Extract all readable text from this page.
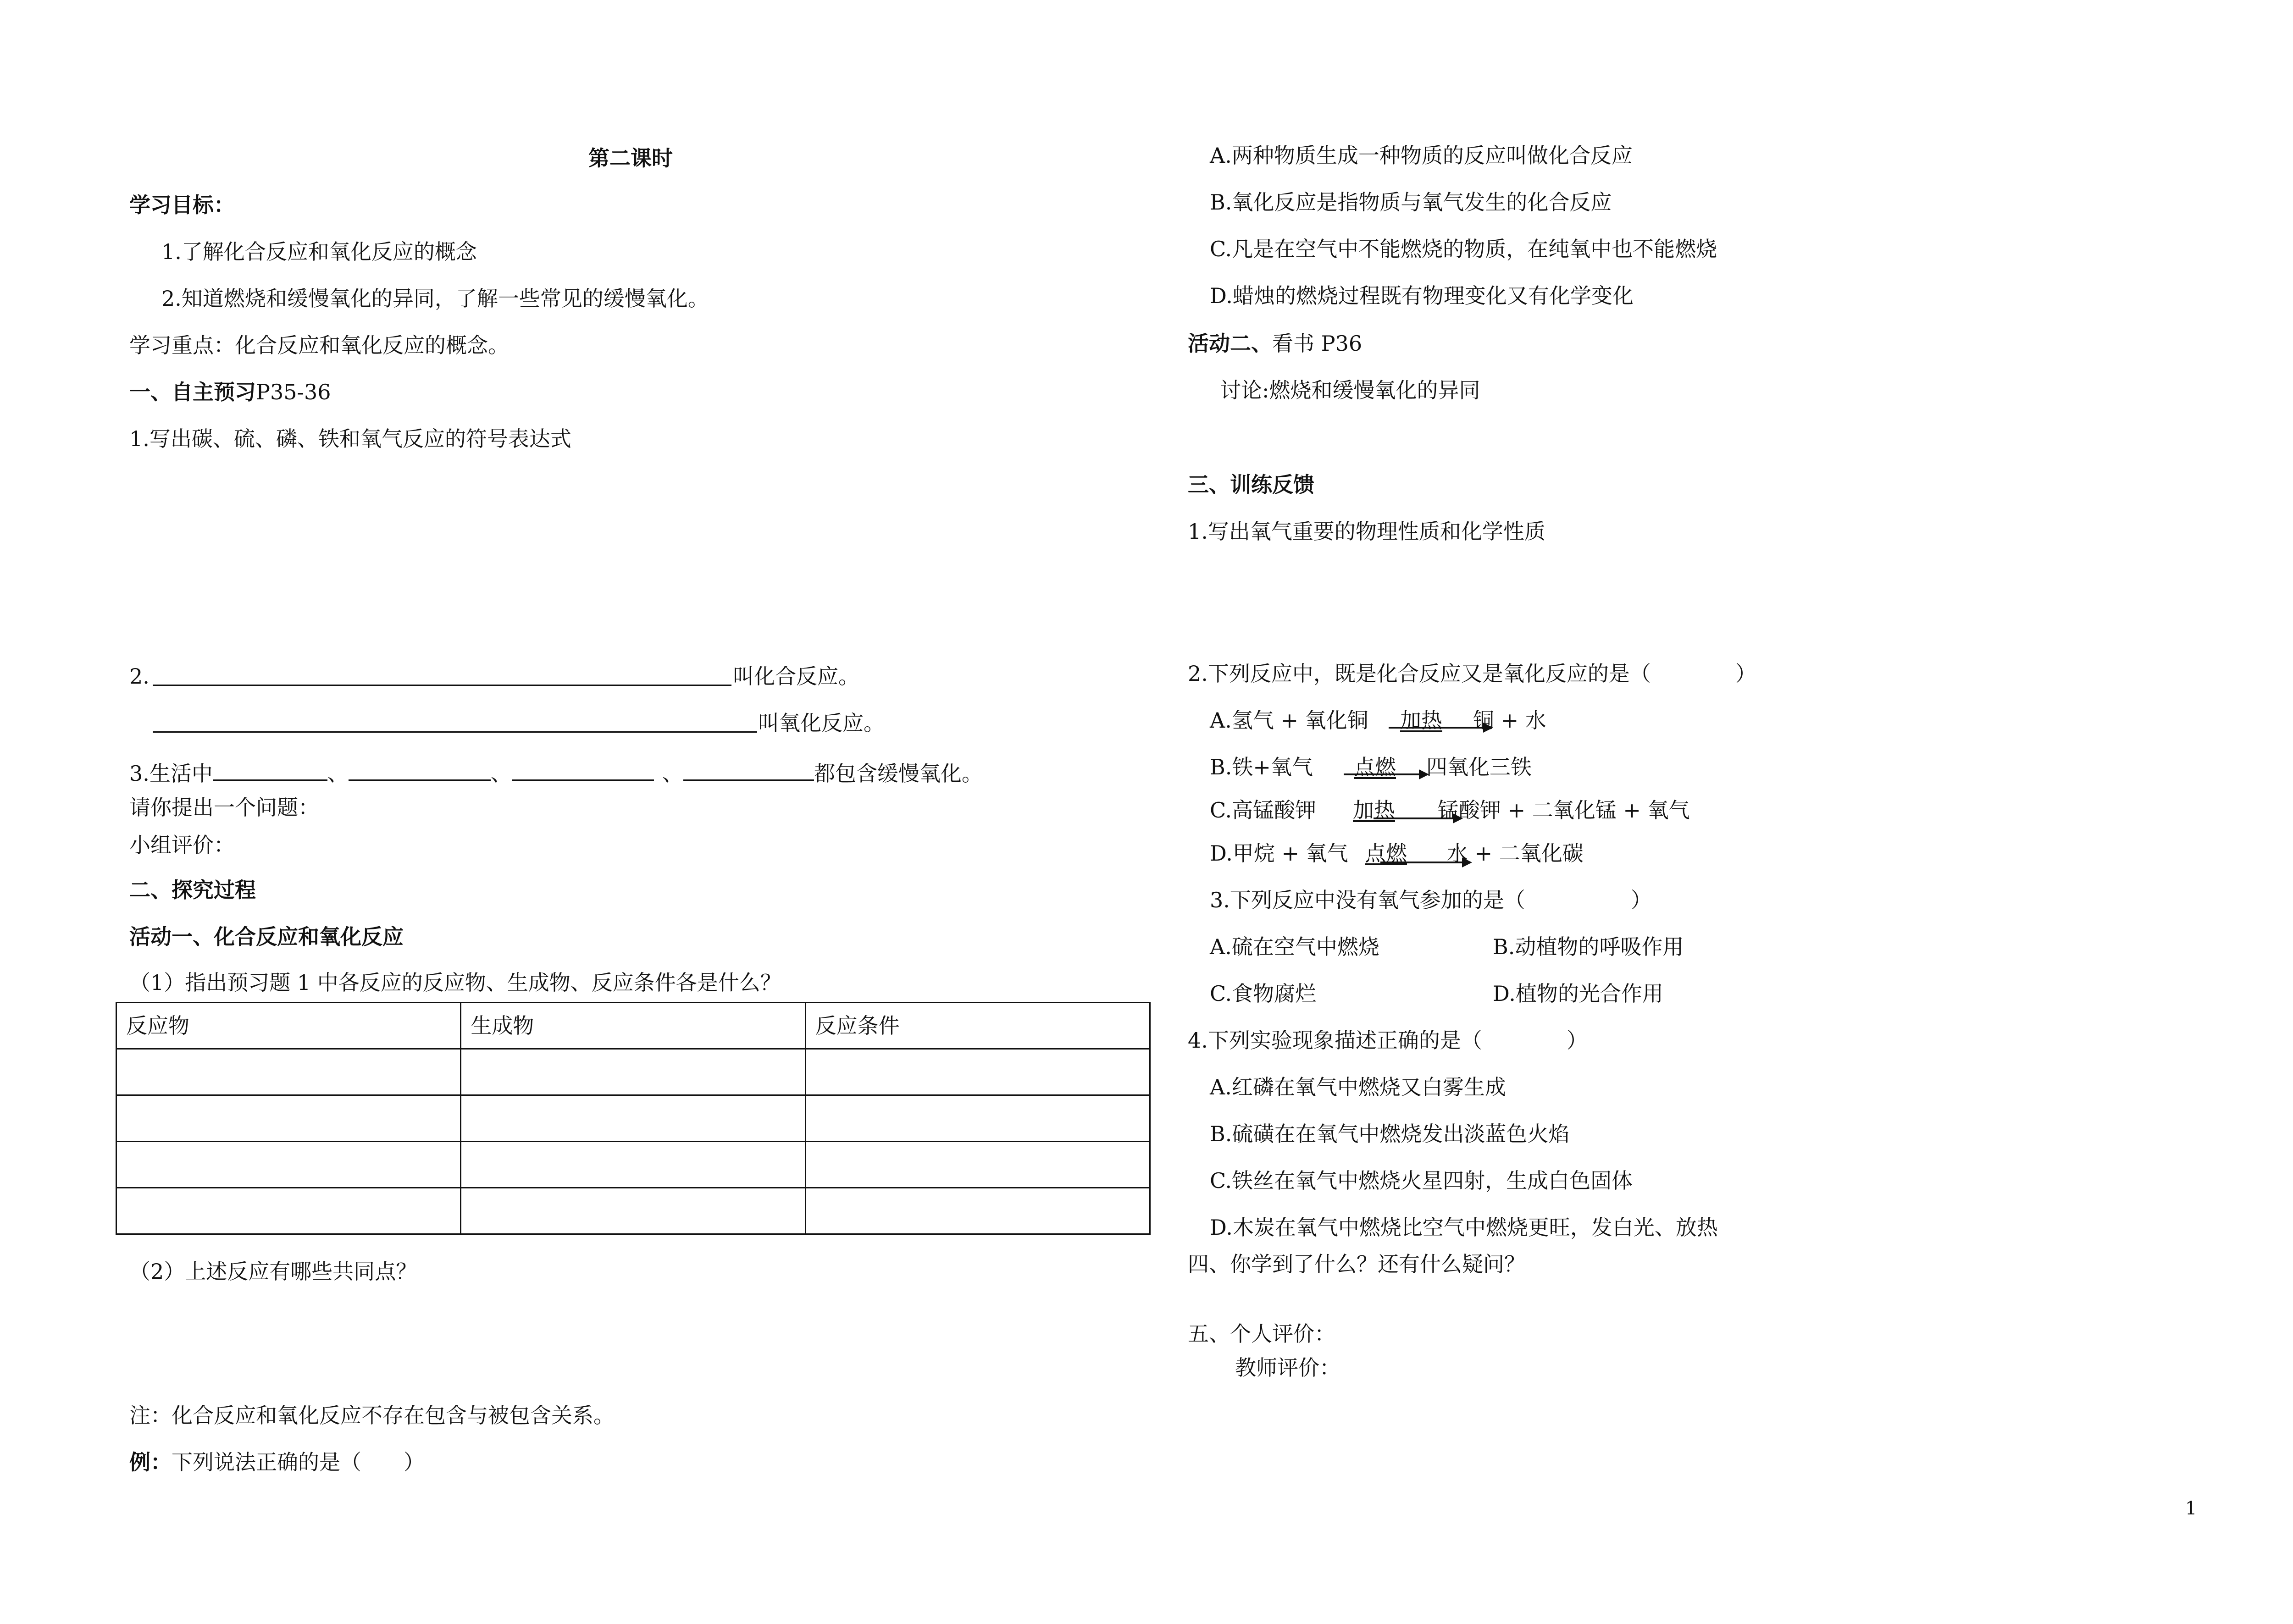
第二课时
学习目标：
1.了解化合反应和氧化反应的概念
2.知道燃烧和缓慢氧化的异同，了解一些常见的缓慢氧化。
学习重点：化合反应和氧化反应的概念。
一、自主预习P35-36
1.写出碳、硫、磷、铁和氧气反应的符号表达式
2.	叫化合反应。
叫氧化反应。
3.生活中	、	、	、	都包含缓慢氧化。
请你提出一个问题：
小组评价：
二、探究过程
活动一、化合反应和氧化反应
（1）指出预习题 1 中各反应的反应物、生成物、反应条件各是什么？
反应物	生成物	反应条件

（2）上述反应有哪些共同点？
注：化合反应和氧化反应不存在包含与被包含关系。
例：下列说法正确的是（　　）
A.两种物质生成一种物质的反应叫做化合反应
B.氧化反应是指物质与氧气发生的化合反应
C.凡是在空气中不能燃烧的物质，在纯氧中也不能燃烧
D.蜡烛的燃烧过程既有物理变化又有化学变化
活动二、看书 P36
讨论:燃烧和缓慢氧化的异同
三、训练反馈
1.写出氧气重要的物理性质和化学性质
2.下列反应中，既是化合反应又是氧化反应的是（　　　　）
A.氢气 + 氧化铜 加热 铜 + 水
B.铁+氧气 点燃 四氧化三铁
C.高锰酸钾 加热 锰酸钾 + 二氧化锰 + 氧气
D.甲烷 + 氧气 点燃 水 + 二氧化碳
3.下列反应中没有氧气参加的是（　　　　　）
A.硫在空气中燃烧	B.动植物的呼吸作用
C.食物腐烂	D.植物的光合作用
4.下列实验现象描述正确的是（　　　　）
A.红磷在氧气中燃烧又白雾生成
B.硫磺在在氧气中燃烧发出淡蓝色火焰
C.铁丝在氧气中燃烧火星四射，生成白色固体
D.木炭在氧气中燃烧比空气中燃烧更旺，发白光、放热
四、你学到了什么？还有什么疑问？
五、个人评价：
教师评价：
1
